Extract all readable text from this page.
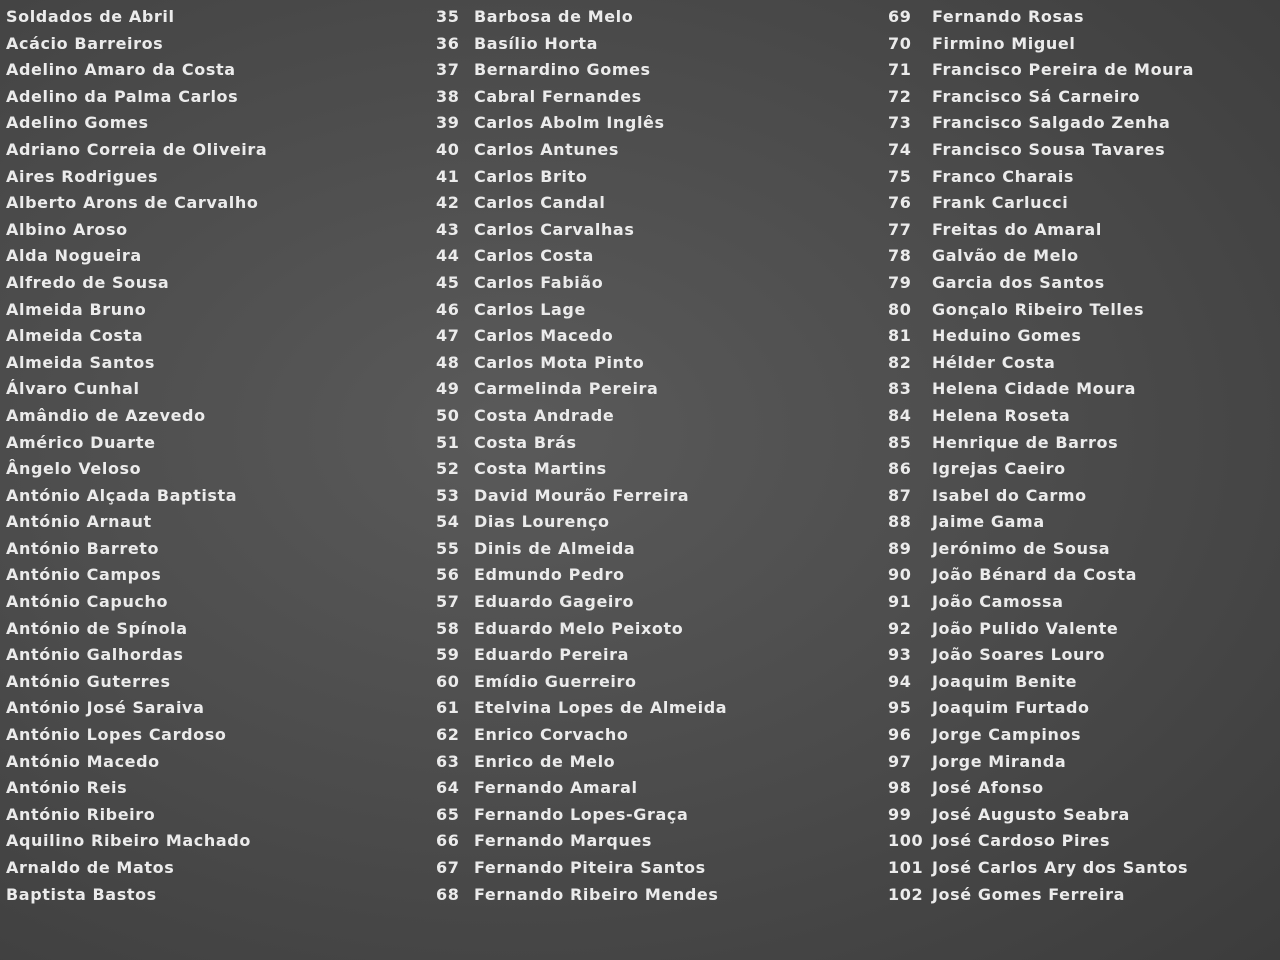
Soldados de Abril
Acácio Barreiros
Adelino Amaro da Costa
Adelino da Palma Carlos
Adelino Gomes
Adriano Correia de Oliveira
Aires Rodrigues
Alberto Arons de Carvalho
Albino Aroso
Alda Nogueira
Alfredo de Sousa
Almeida Bruno
Almeida Costa
Almeida Santos
Álvaro Cunhal
Amândio de Azevedo
Américo Duarte
Ângelo Veloso
António Alçada Baptista
António Arnaut
António Barreto
António Campos
António Capucho
António de Spínola
António Galhordas
António Guterres
António José Saraiva
António Lopes Cardoso
António Macedo
António Reis
António Ribeiro
Aquilino Ribeiro Machado
Arnaldo de Matos
Baptista Bastos
35 Barbosa de Melo
36 Basílio Horta
37 Bernardino Gomes
38 Cabral Fernandes
39 Carlos Abolm Inglês
40 Carlos Antunes
41 Carlos Brito
42 Carlos Candal
43 Carlos Carvalhas
44 Carlos Costa
45 Carlos Fabião
46 Carlos Lage
47 Carlos Macedo
48 Carlos Mota Pinto
49 Carmelinda Pereira
50 Costa Andrade
51 Costa Brás
52 Costa Martins
53 David Mourão Ferreira
54 Dias Lourenço
55 Dinis de Almeida
56 Edmundo Pedro
57 Eduardo Gageiro
58 Eduardo Melo Peixoto
59 Eduardo Pereira
60 Emídio Guerreiro
61 Etelvina Lopes de Almeida
62 Enrico Corvacho
63 Enrico de Melo
64 Fernando Amaral
65 Fernando Lopes-Graça
66 Fernando Marques
67 Fernando Piteira Santos
68 Fernando Ribeiro Mendes
69 Fernando Rosas
70 Firmino Miguel
71 Francisco Pereira de Moura
72 Francisco Sá Carneiro
73 Francisco Salgado Zenha
74 Francisco Sousa Tavares
75 Franco Charais
76 Frank Carlucci
77 Freitas do Amaral
78 Galvão de Melo
79 Garcia dos Santos
80 Gonçalo Ribeiro Telles
81 Heduino Gomes
82 Hélder Costa
83 Helena Cidade Moura
84 Helena Roseta
85 Henrique de Barros
86 Igrejas Caeiro
87 Isabel do Carmo
88 Jaime Gama
89 Jerónimo de Sousa
90 João Bénard da Costa
91 João Camossa
92 João Pulido Valente
93 João Soares Louro
94 Joaquim Benite
95 Joaquim Furtado
96 Jorge Campinos
97 Jorge Miranda
98 José Afonso
99 José Augusto Seabra
100 José Cardoso Pires
101 José Carlos Ary dos Santos
102 José Gomes Ferreira
